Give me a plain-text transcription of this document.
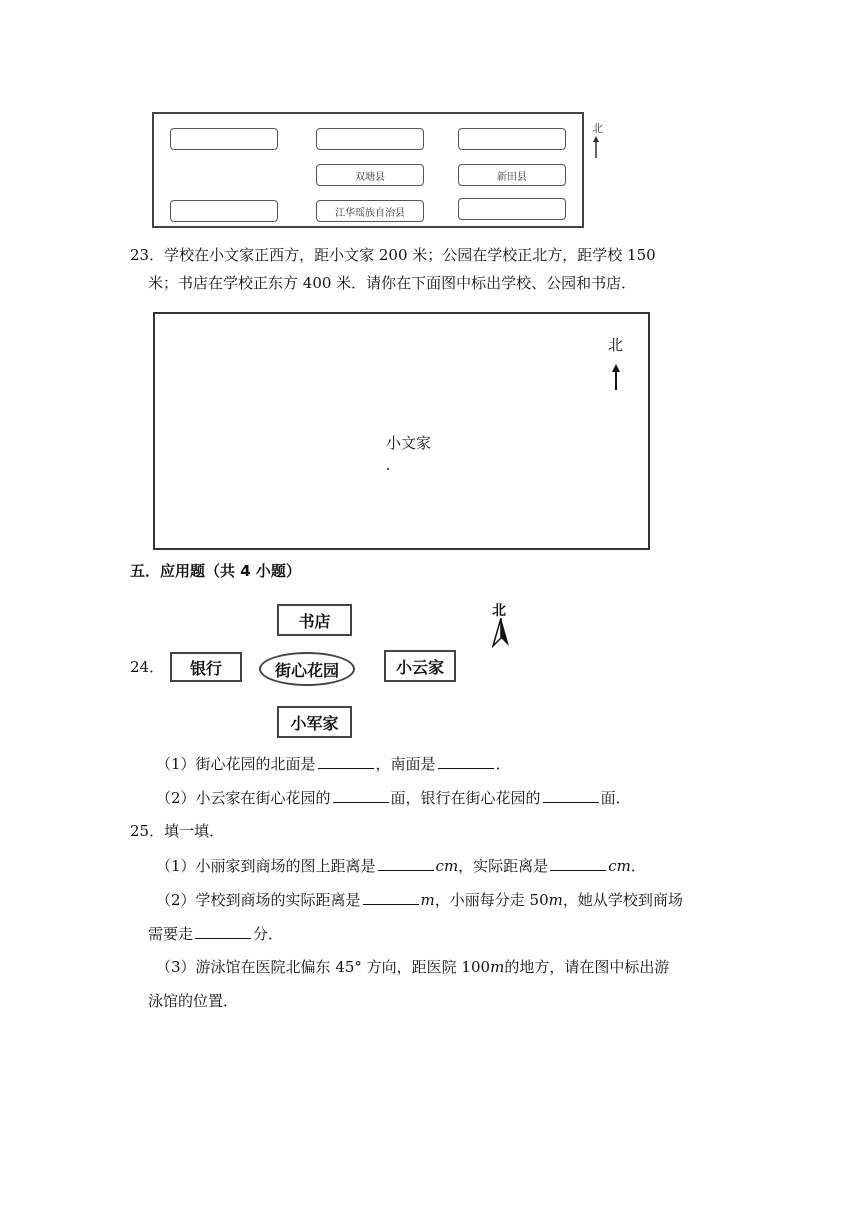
双塘县	新田县
江华瑶族自治县
北
23．学校在小文家正西方，距小文家 200 米；公园在学校正北方，距学校 150
米；书店在学校正东方 400 米．请你在下面图中标出学校、公园和书店．
北
小文家
五．应用题（共 4 小题）
24．
书店
银行	街心花园	小云家
小军家
北
（1）街心花园的北面是	，南面是	．
（2）小云家在街心花园的	面，银行在街心花园的	面．
25．填一填．
（1）小丽家到商场的图上距离是	cm，实际距离是	cm．
（2）学校到商场的实际距离是	m，小丽每分走 50m，她从学校到商场
需要走	分．
（3）游泳馆在医院北偏东 45° 方向，距医院 100m的地方，请在图中标出游
泳馆的位置．
